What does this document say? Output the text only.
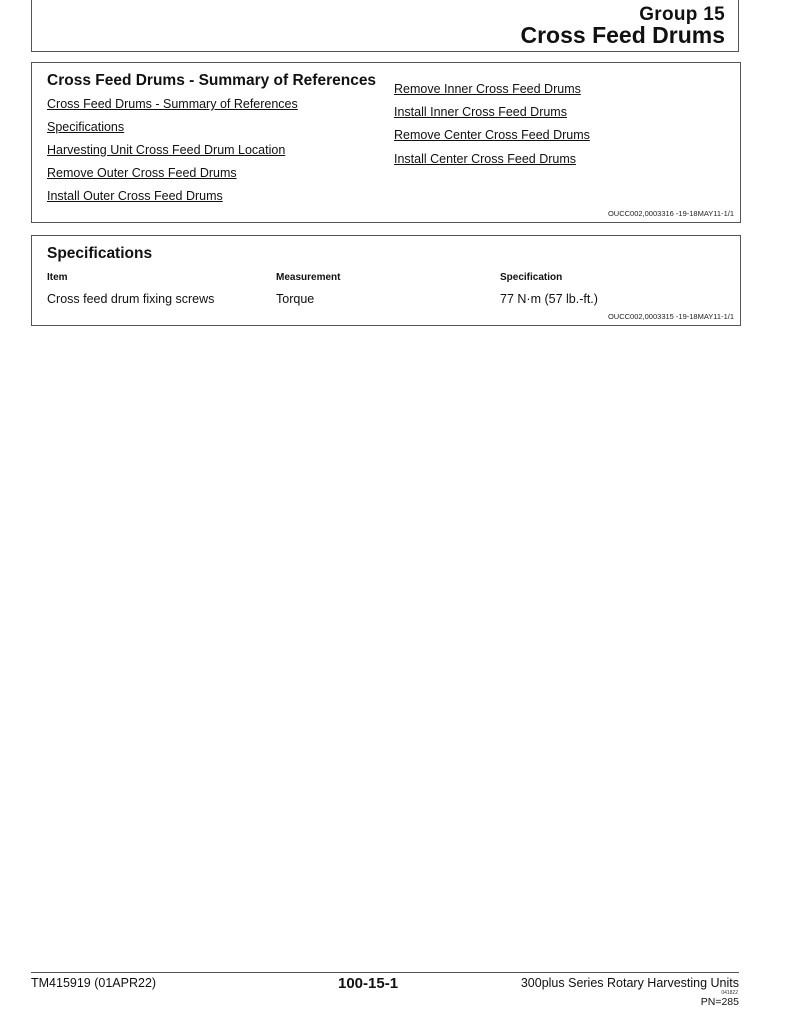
Group 15
Cross Feed Drums
Cross Feed Drums - Summary of References
Cross Feed Drums - Summary of References
Specifications
Harvesting Unit Cross Feed Drum Location
Remove Outer Cross Feed Drums
Install Outer Cross Feed Drums
Remove Inner Cross Feed Drums
Install Inner Cross Feed Drums
Remove Center Cross Feed Drums
Install Center Cross Feed Drums
OUCC002,0003316 -19-18MAY11-1/1
Specifications
Item	Measurement	Specification
Cross feed drum fixing screws	Torque	77 N·m (57 lb.-ft.)
OUCC002,0003315 -19-18MAY11-1/1
TM415919 (01APR22)	100-15-1	300plus Series Rotary Harvesting Units
041822
PN=285
